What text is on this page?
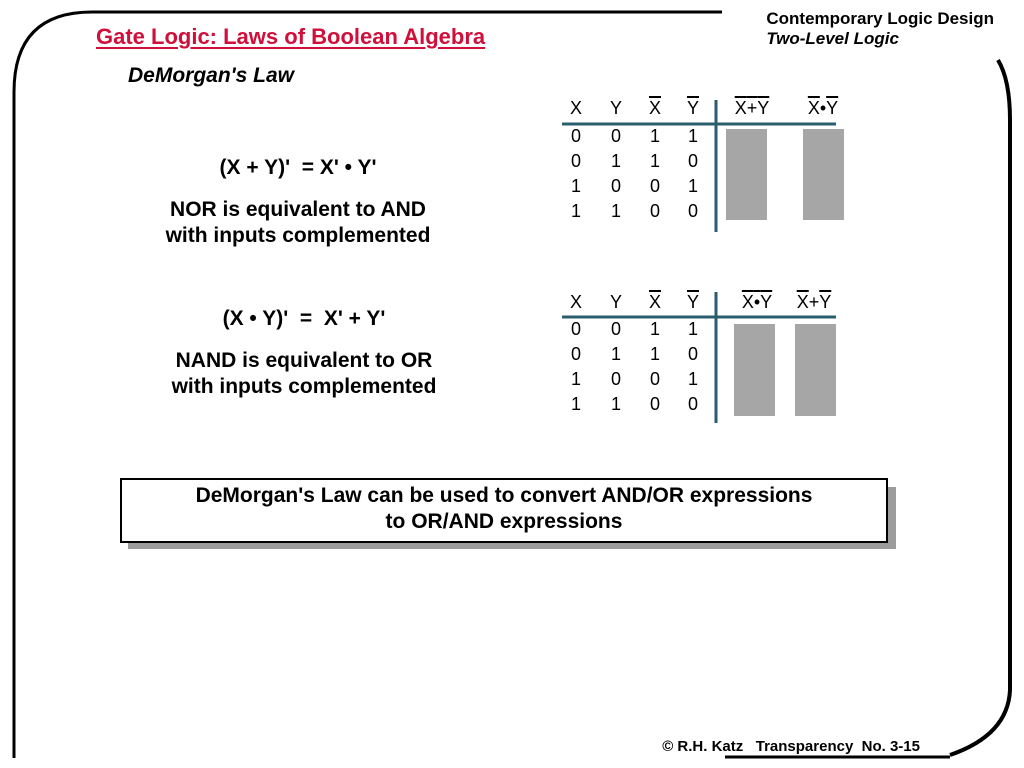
Gate Logic: Laws of Boolean Algebra
Contemporary Logic Design
Two-Level Logic
DeMorgan's Law
(X + Y)'  = X' • Y'
NOR is equivalent to AND
with inputs complemented
(X • Y)'  =  X' + Y'
NAND is equivalent to OR
with inputs complemented
X	Y	$\overline{X}$	$\overline{Y}$	X+Y	$\overline{X}•\overline{Y}$
0	0	1	1
0	1	1	0
1	0	0	1
1	1	0	0
X	Y	$\overline{X}$	$\overline{Y}$	X•Y	$\overline{X}+\overline{Y}$
0	0	1	1
0	1	1	0
1	0	0	1
1	1	0	0
DeMorgan's Law can be used to convert AND/OR expressions
to OR/AND expressions
© R.H. Katz   Transparency  No. 3-15
